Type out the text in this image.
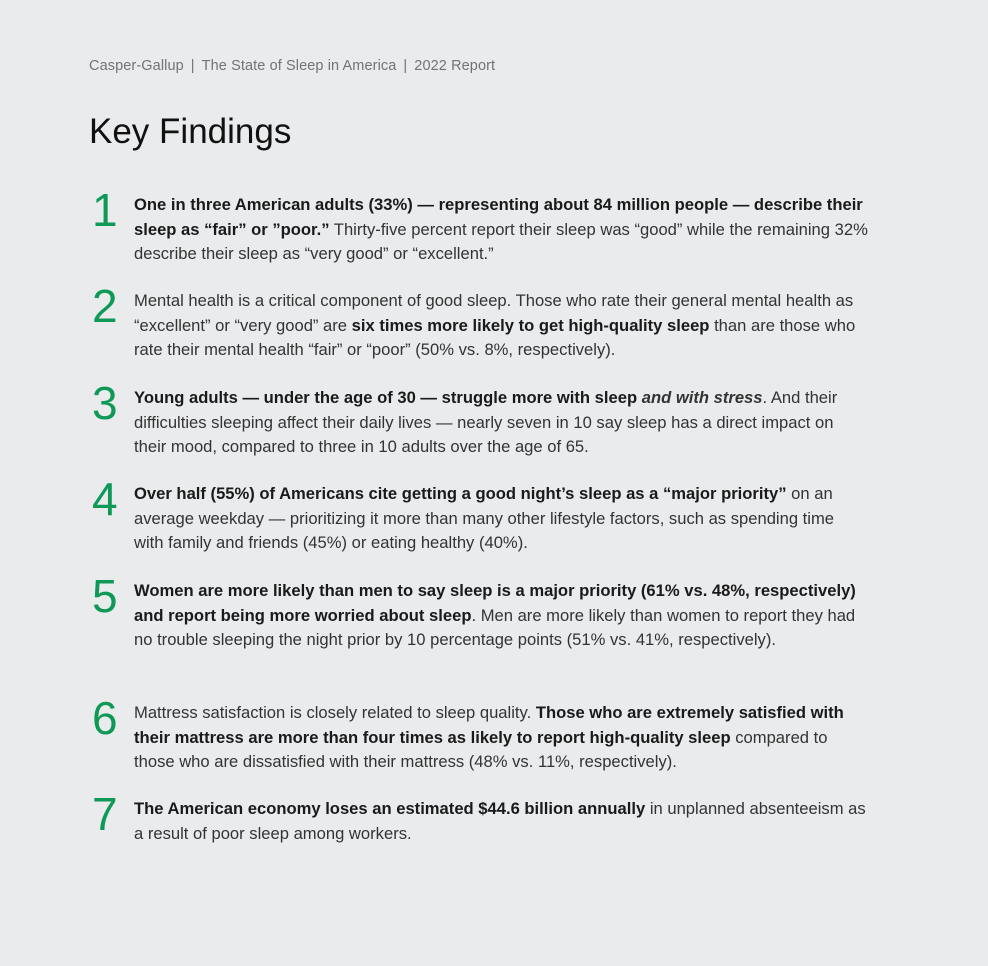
Casper-Gallup | The State of Sleep in America | 2022 Report
Key Findings
1 One in three American adults (33%) — representing about 84 million people — describe their sleep as “fair” or ”poor.” Thirty-five percent report their sleep was “good” while the remaining 32% describe their sleep as “very good” or “excellent.”
2 Mental health is a critical component of good sleep. Those who rate their general mental health as “excellent” or “very good” are six times more likely to get high-quality sleep than are those who rate their mental health “fair” or “poor” (50% vs. 8%, respectively).
3 Young adults — under the age of 30 — struggle more with sleep and with stress. And their difficulties sleeping affect their daily lives — nearly seven in 10 say sleep has a direct impact on their mood, compared to three in 10 adults over the age of 65.
4 Over half (55%) of Americans cite getting a good night’s sleep as a “major priority” on an average weekday — prioritizing it more than many other lifestyle factors, such as spending time with family and friends (45%) or eating healthy (40%).
5 Women are more likely than men to say sleep is a major priority (61% vs. 48%, respectively) and report being more worried about sleep. Men are more likely than women to report they had no trouble sleeping the night prior by 10 percentage points (51% vs. 41%, respectively).
6 Mattress satisfaction is closely related to sleep quality. Those who are extremely satisfied with their mattress are more than four times as likely to report high-quality sleep compared to those who are dissatisfied with their mattress (48% vs. 11%, respectively).
7 The American economy loses an estimated $44.6 billion annually in unplanned absenteeism as a result of poor sleep among workers.
